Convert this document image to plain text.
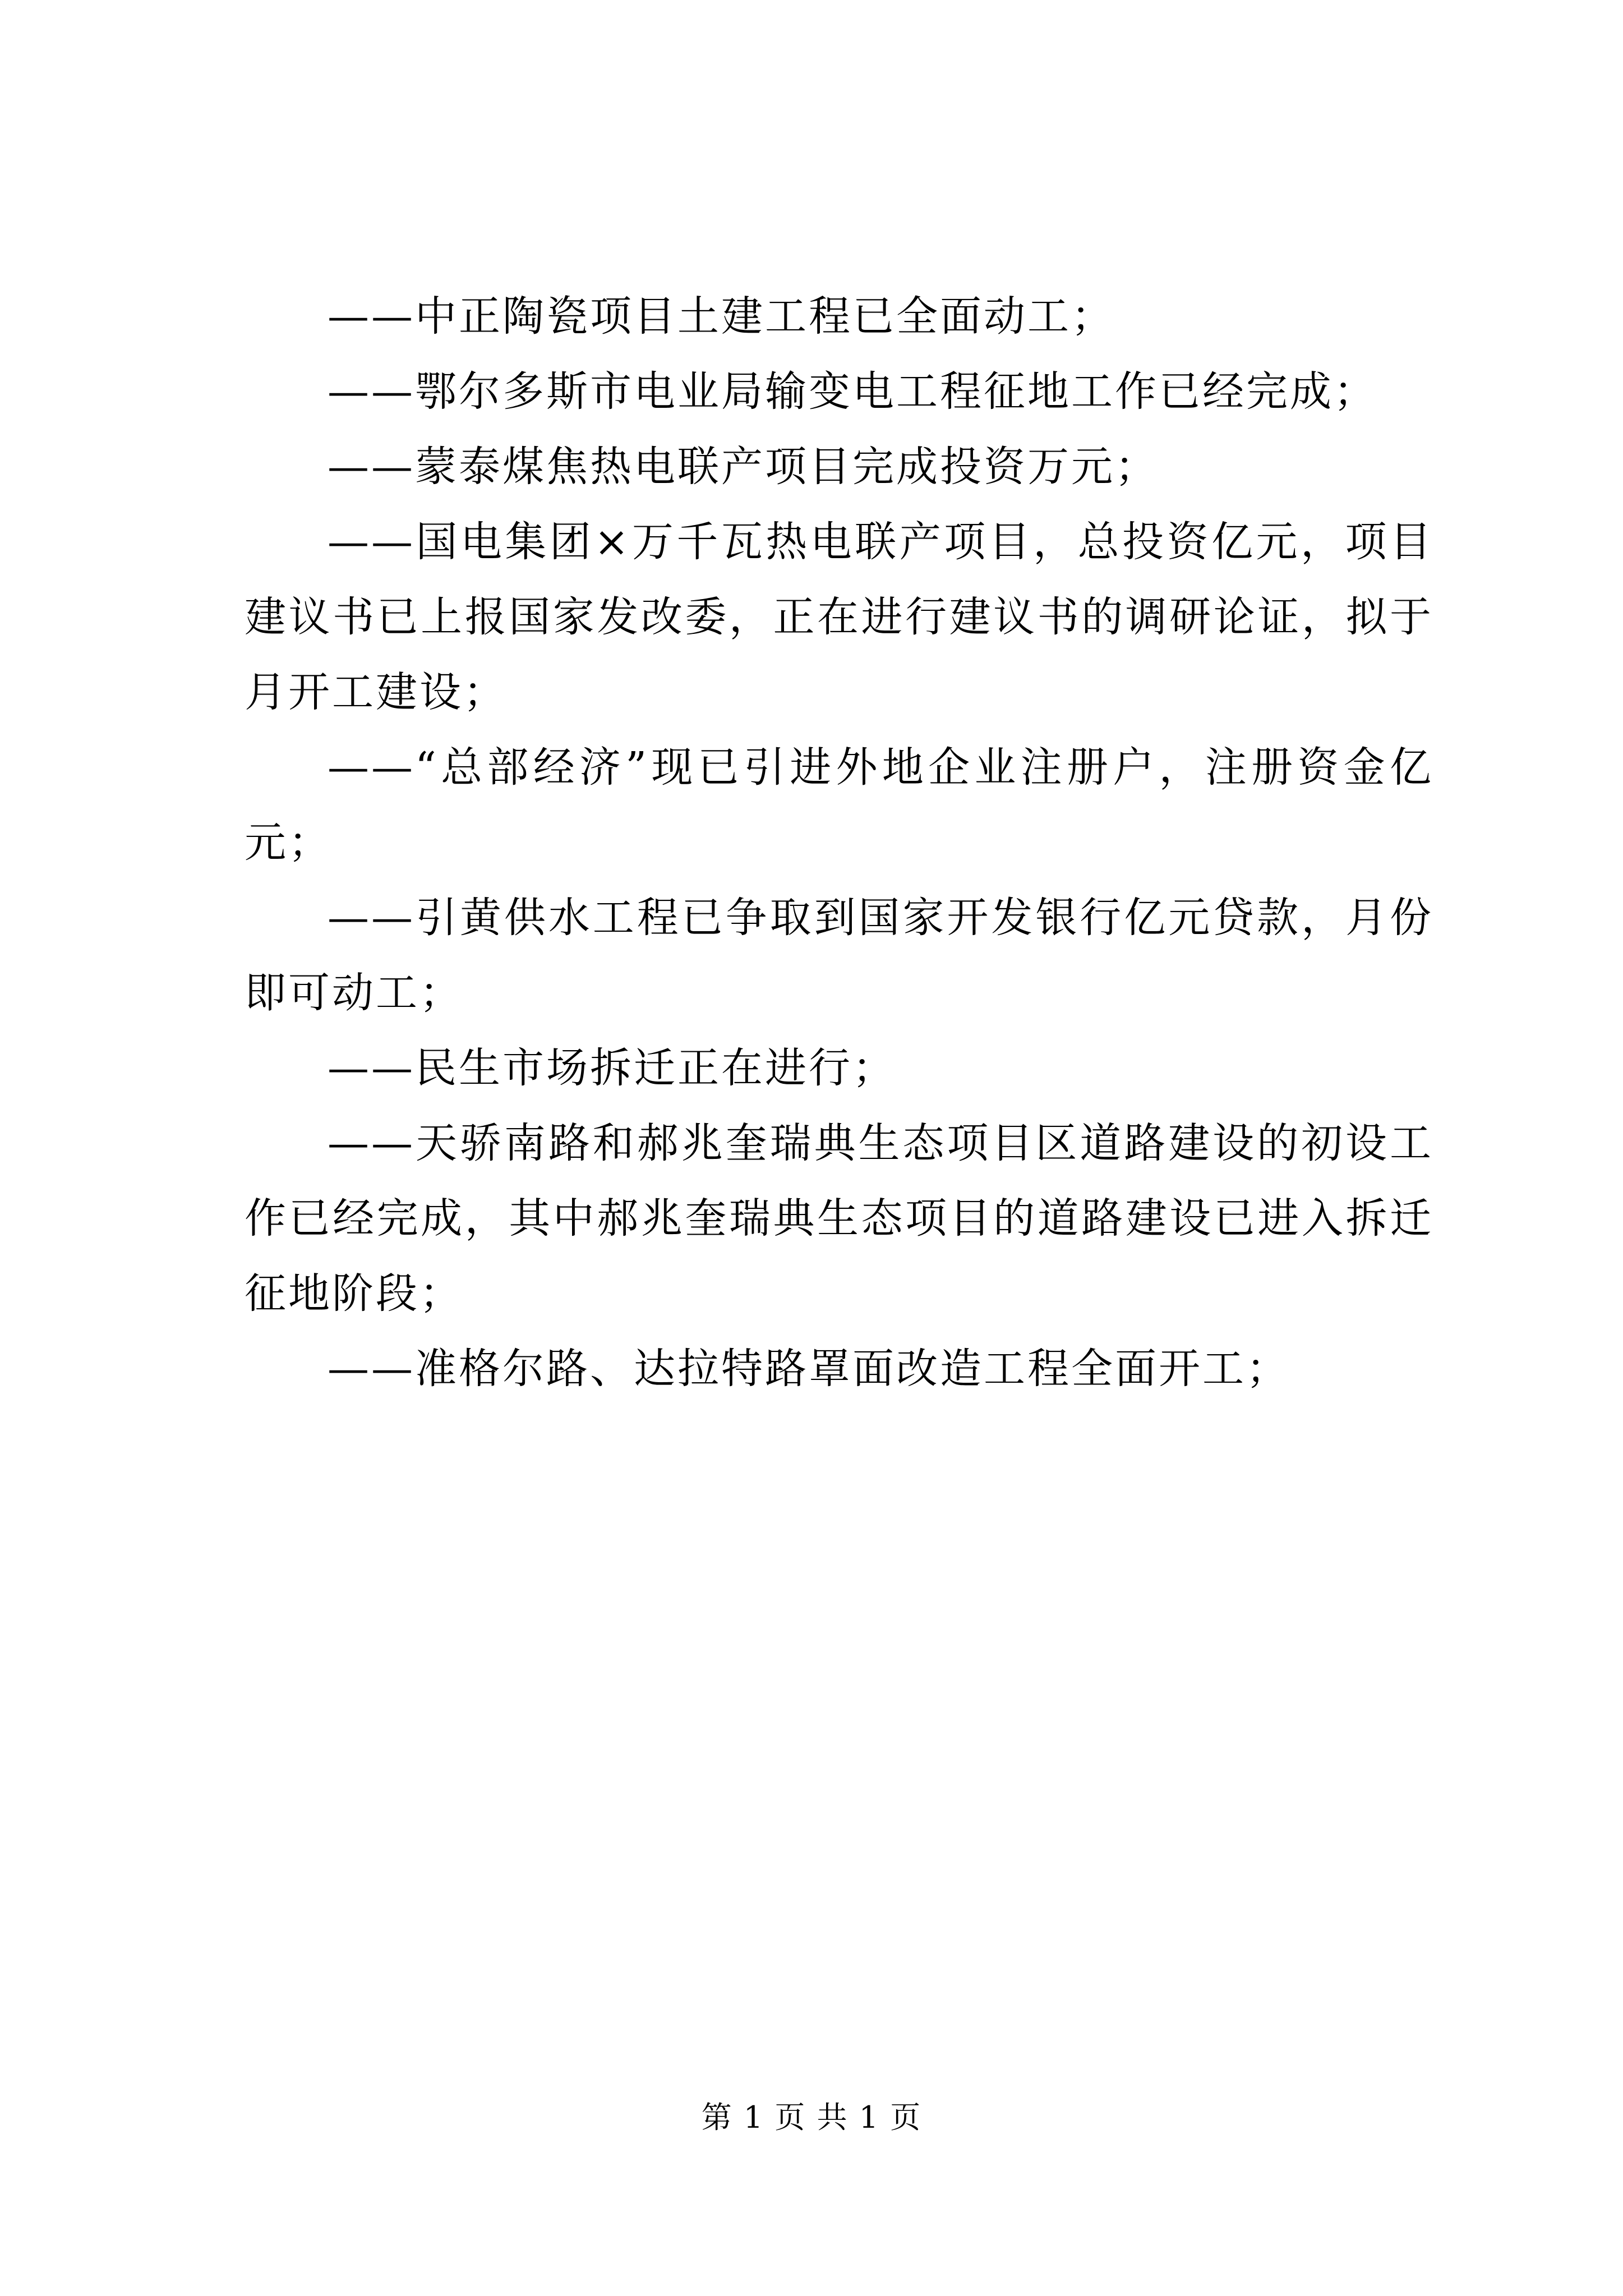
——中正陶瓷项目土建工程已全面动工；

——鄂尔多斯市电业局输变电工程征地工作已经完成；

——蒙泰煤焦热电联产项目完成投资万元；

——国电集团×万千瓦热电联产项目，总投资亿元，项目建议书已上报国家发改委，正在进行建议书的调研论证，拟于月开工建设；

——“总部经济”现已引进外地企业注册户，注册资金亿元；

——引黄供水工程已争取到国家开发银行亿元贷款，月份即可动工；

——民生市场拆迁正在进行；

——天骄南路和郝兆奎瑞典生态项目区道路建设的初设工作已经完成，其中郝兆奎瑞典生态项目的道路建设已进入拆迁征地阶段；

——准格尔路、达拉特路罩面改造工程全面开工；

第 1 页 共 1 页
